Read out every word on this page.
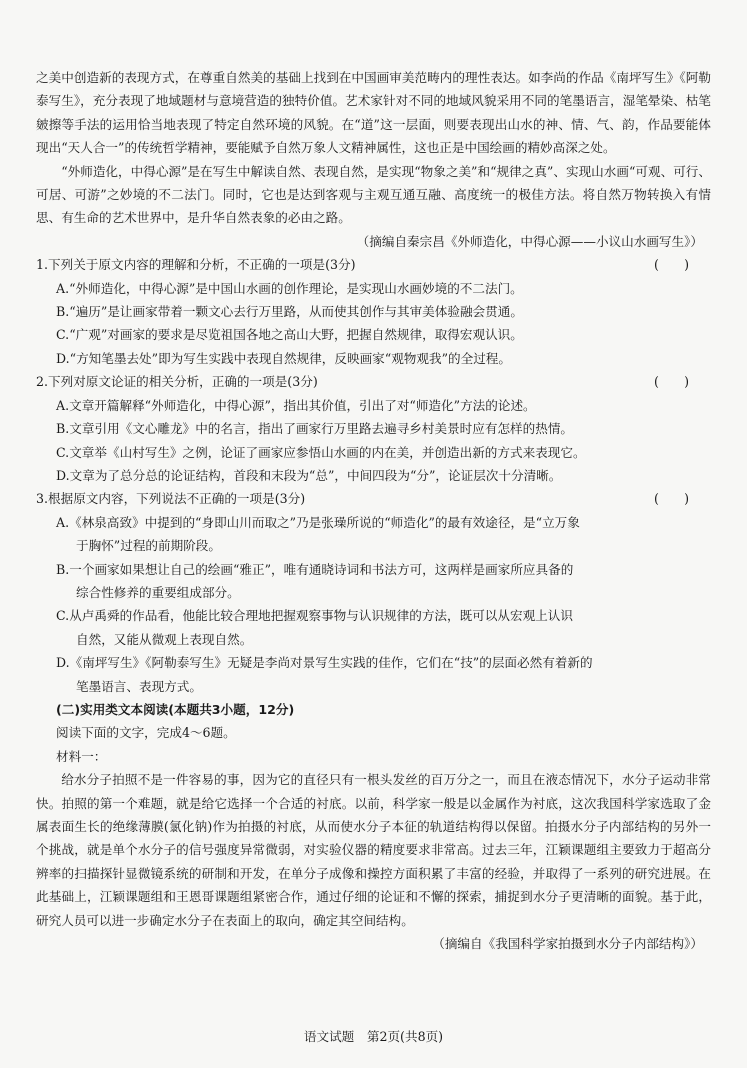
之美中创造新的表现方式，在尊重自然美的基础上找到在中国画审美范畴内的理性表达。如李尚的作品《南坪写生》《阿勒泰写生》，充分表现了地域题材与意境营造的独特价值。艺术家针对不同的地域风貌采用不同的笔墨语言，湿笔晕染、枯笔皴擦等手法的运用恰当地表现了特定自然环境的风貌。在“道”这一层面，则要表现出山水的神、情、气、韵，作品要能体现出“天人合一”的传统哲学精神，要能赋予自然万象人文精神属性，这也正是中国绘画的精妙高深之处。

“外师造化，中得心源”是在写生中解读自然、表现自然，是实现“物象之美”和“规律之真”、实现山水画“可观、可行、可居、可游”之妙境的不二法门。同时，它也是达到客观与主观互通互融、高度统一的极佳方法。将自然万物转换入有情思、有生命的艺术世界中，是升华自然表象的必由之路。

（摘编自秦宗昌《外师造化，中得心源——小议山水画写生》）

1.下列关于原文内容的理解和分析，不正确的一项是(3分)	(　　)

A.“外师造化，中得心源”是中国山水画的创作理论，是实现山水画妙境的不二法门。

B.“遍历”是让画家带着一颗文心去行万里路，从而使其创作与其审美体验融会贯通。

C.“广观”对画家的要求是尽览祖国各地之高山大野，把握自然规律，取得宏观认识。

D.“方知笔墨去处”即为写生实践中表现自然规律，反映画家“观物观我”的全过程。

2.下列对原文论证的相关分析，正确的一项是(3分)	(　　)

A.文章开篇解释“外师造化，中得心源”，指出其价值，引出了对“师造化”方法的论述。

B.文章引用《文心雕龙》中的名言，指出了画家行万里路去遍寻乡村美景时应有怎样的热情。

C.文章举《山村写生》之例，论证了画家应参悟山水画的内在美，并创造出新的方式来表现它。

D.文章为了总分总的论证结构，首段和末段为“总”，中间四段为“分”，论证层次十分清晰。

3.根据原文内容，下列说法不正确的一项是(3分)	(　　)

A.《林泉高致》中提到的“身即山川而取之”乃是张璪所说的“师造化”的最有效途径，是“立万象

于胸怀”过程的前期阶段。

B.一个画家如果想让自己的绘画“雅正”，唯有通晓诗词和书法方可，这两样是画家所应具备的

综合性修养的重要组成部分。

C.从卢禹舜的作品看，他能比较合理地把握观察事物与认识规律的方法，既可以从宏观上认识

自然，又能从微观上表现自然。

D.《南坪写生》《阿勒泰写生》无疑是李尚对景写生实践的佳作，它们在“技”的层面必然有着新的

笔墨语言、表现方式。

(二)实用类文本阅读(本题共3小题，12分)

阅读下面的文字，完成4～6题。

材料一：

给水分子拍照不是一件容易的事，因为它的直径只有一根头发丝的百万分之一，而且在液态情况下，水分子运动非常快。拍照的第一个难题，就是给它选择一个合适的衬底。以前，科学家一般是以金属作为衬底，这次我国科学家选取了金属表面生长的绝缘薄膜(氯化钠)作为拍摄的衬底，从而使水分子本征的轨道结构得以保留。拍摄水分子内部结构的另外一个挑战，就是单个水分子的信号强度异常微弱，对实验仪器的精度要求非常高。过去三年，江颖课题组主要致力于超高分辨率的扫描探针显微镜系统的研制和开发，在单分子成像和操控方面积累了丰富的经验，并取得了一系列的研究进展。在此基础上，江颖课题组和王恩哥课题组紧密合作，通过仔细的论证和不懈的探索，捕捉到水分子更清晰的面貌。基于此，研究人员可以进一步确定水分子在表面上的取向，确定其空间结构。

（摘编自《我国科学家拍摄到水分子内部结构》）

语文试题　第2页(共8页)
